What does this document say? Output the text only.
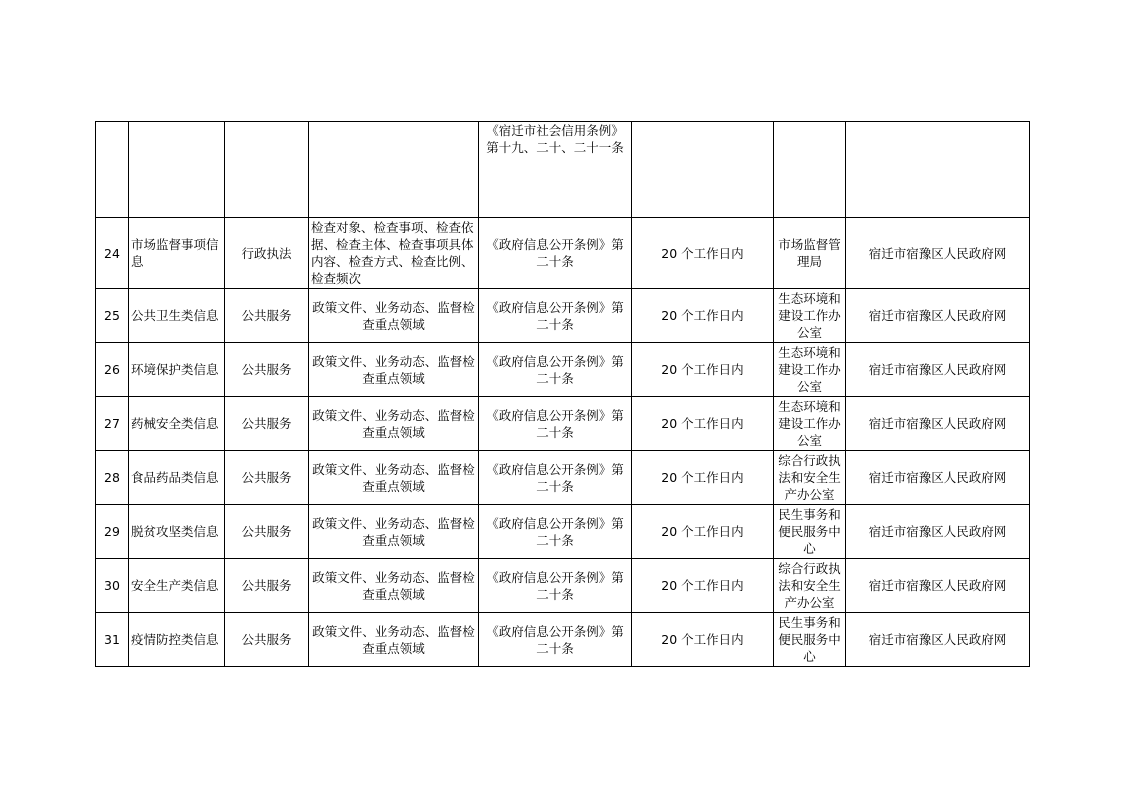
				《宿迁市社会信用条例》第十九、二十、二十一条			
24	市场监督事项信息	行政执法	检查对象、检查事项、检查依据、检查主体、检查事项具体内容、检查方式、检查比例、检查频次	《政府信息公开条例》第二十条	20 个工作日内	市场监督管理局	宿迁市宿豫区人民政府网
25	公共卫生类信息	公共服务	政策文件、业务动态、监督检查重点领域	《政府信息公开条例》第二十条	20 个工作日内	生态环境和建设工作办公室	宿迁市宿豫区人民政府网
26	环境保护类信息	公共服务	政策文件、业务动态、监督检查重点领域	《政府信息公开条例》第二十条	20 个工作日内	生态环境和建设工作办公室	宿迁市宿豫区人民政府网
27	药械安全类信息	公共服务	政策文件、业务动态、监督检查重点领域	《政府信息公开条例》第二十条	20 个工作日内	生态环境和建设工作办公室	宿迁市宿豫区人民政府网
28	食品药品类信息	公共服务	政策文件、业务动态、监督检查重点领域	《政府信息公开条例》第二十条	20 个工作日内	综合行政执法和安全生产办公室	宿迁市宿豫区人民政府网
29	脱贫攻坚类信息	公共服务	政策文件、业务动态、监督检查重点领域	《政府信息公开条例》第二十条	20 个工作日内	民生事务和便民服务中心	宿迁市宿豫区人民政府网
30	安全生产类信息	公共服务	政策文件、业务动态、监督检查重点领域	《政府信息公开条例》第二十条	20 个工作日内	综合行政执法和安全生产办公室	宿迁市宿豫区人民政府网
31	疫情防控类信息	公共服务	政策文件、业务动态、监督检查重点领域	《政府信息公开条例》第二十条	20 个工作日内	民生事务和便民服务中心	宿迁市宿豫区人民政府网
